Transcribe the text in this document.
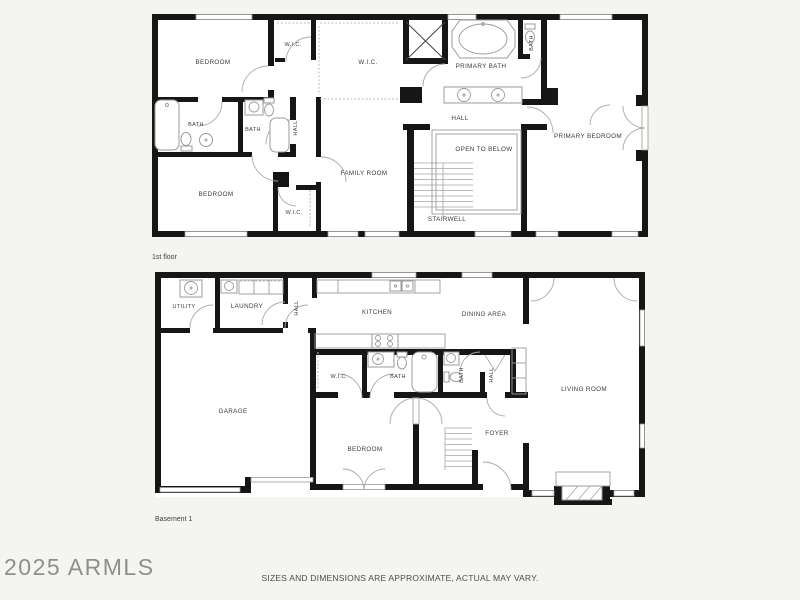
BEDROOM
W.I.C.
W.I.C.
PRIMARY BATH
BATH
HALL
BATH
BATH	HALL
OPEN TO BELOW
FAMILY ROOM
BEDROOM
W.I.C.
STAIRWELL
PRIMARY BEDROOM
1st floor
UTILITY	LAUNDRY	HALL	KITCHEN	DINING AREA
W.I.C.	BATH	BATH	HALL
GARAGE
BEDROOM
FOYER
LIVING ROOM
Basement 1
2025 ARMLS	SIZES AND DIMENSIONS ARE APPROXIMATE, ACTUAL MAY VARY.
